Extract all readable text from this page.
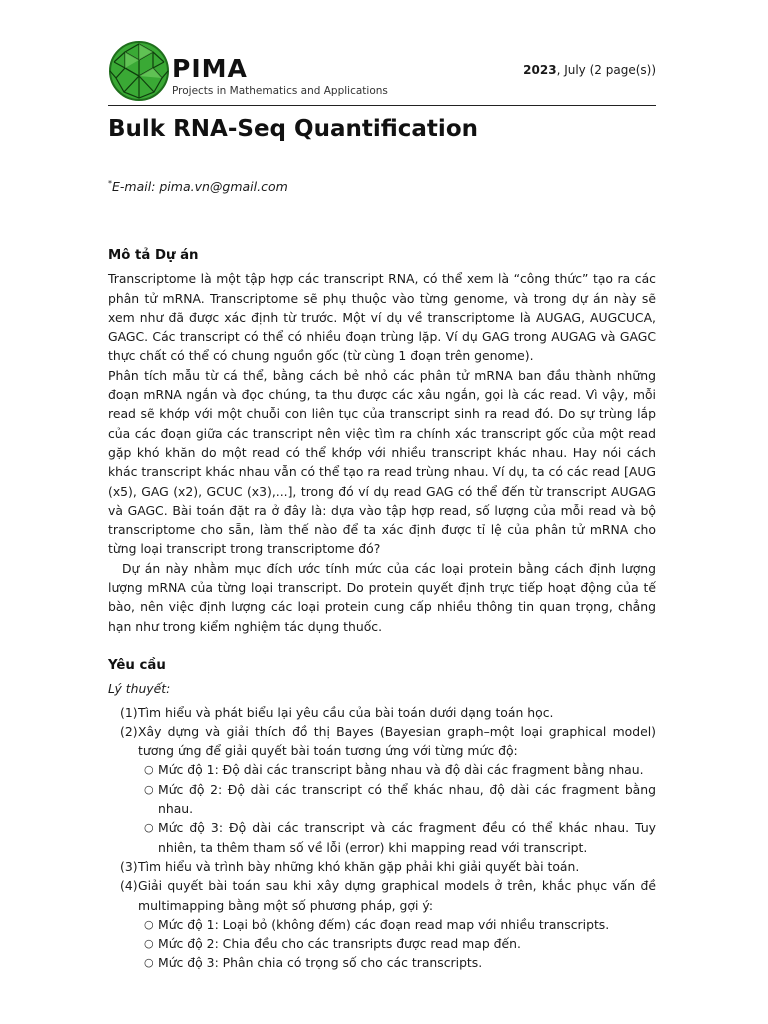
PIMA
Projects in Mathematics and Applications
2023, July (2 page(s))
Bulk RNA-Seq Quantification
*E-mail: pima.vn@gmail.com
Mô tả Dự án

Transcriptome là một tập hợp các transcript RNA, có thể xem là “công thức” tạo ra các phân tử mRNA. Transcriptome sẽ phụ thuộc vào từng genome, và trong dự án này sẽ xem như đã được xác định từ trước. Một ví dụ về transcriptome là AUGAG, AUGCUCA, GAGC. Các transcript có thể có nhiều đoạn trùng lặp. Ví dụ GAG trong AUGAG và GAGC thực chất có thể có chung nguồn gốc (từ cùng 1 đoạn trên genome).

Phân tích mẫu từ cá thể, bằng cách bẻ nhỏ các phân tử mRNA ban đầu thành những đoạn mRNA ngắn và đọc chúng, ta thu được các xâu ngắn, gọi là các read. Vì vậy, mỗi read sẽ khớp với một chuỗi con liên tục của transcript sinh ra read đó. Do sự trùng lắp của các đoạn giữa các transcript nên việc tìm ra chính xác transcript gốc của một read gặp khó khăn do một read có thể khớp với nhiều transcript khác nhau. Hay nói cách khác transcript khác nhau vẫn có thể tạo ra read trùng nhau. Ví dụ, ta có các read [AUG (x5), GAG (x2), GCUC (x3),...], trong đó ví dụ read GAG có thể đến từ transcript AUGAG và GAGC. Bài toán đặt ra ở đây là: dựa vào tập hợp read, số lượng của mỗi read và bộ transcriptome cho sẵn, làm thế nào để ta xác định được tỉ lệ của phân tử mRNA cho từng loại transcript trong transcriptome đó?

Dự án này nhằm mục đích ước tính mức của các loại protein bằng cách định lượng lượng mRNA của từng loại transcript. Do protein quyết định trực tiếp hoạt động của tế bào, nên việc định lượng các loại protein cung cấp nhiều thông tin quan trọng, chẳng hạn như trong kiểm nghiệm tác dụng thuốc.

Yêu cầu

Lý thuyết:

(1) Tìm hiểu và phát biểu lại yêu cầu của bài toán dưới dạng toán học.
(2) Xây dựng và giải thích đồ thị Bayes (Bayesian graph–một loại graphical model) tương ứng để giải quyết bài toán tương ứng với từng mức độ:
○ Mức độ 1: Độ dài các transcript bằng nhau và độ dài các fragment bằng nhau.
○ Mức độ 2: Độ dài các transcript có thể khác nhau, độ dài các fragment bằng nhau.
○ Mức độ 3: Độ dài các transcript và các fragment đều có thể khác nhau. Tuy nhiên, ta thêm tham số về lỗi (error) khi mapping read với transcript.
(3) Tìm hiểu và trình bày những khó khăn gặp phải khi giải quyết bài toán.
(4) Giải quyết bài toán sau khi xây dựng graphical models ở trên, khắc phục vấn đề multimapping bằng một số phương pháp, gợi ý:
○ Mức độ 1: Loại bỏ (không đếm) các đoạn read map với nhiều transcripts.
○ Mức độ 2: Chia đều cho các transripts được read map đến.
○ Mức độ 3: Phân chia có trọng số cho các transcripts.
